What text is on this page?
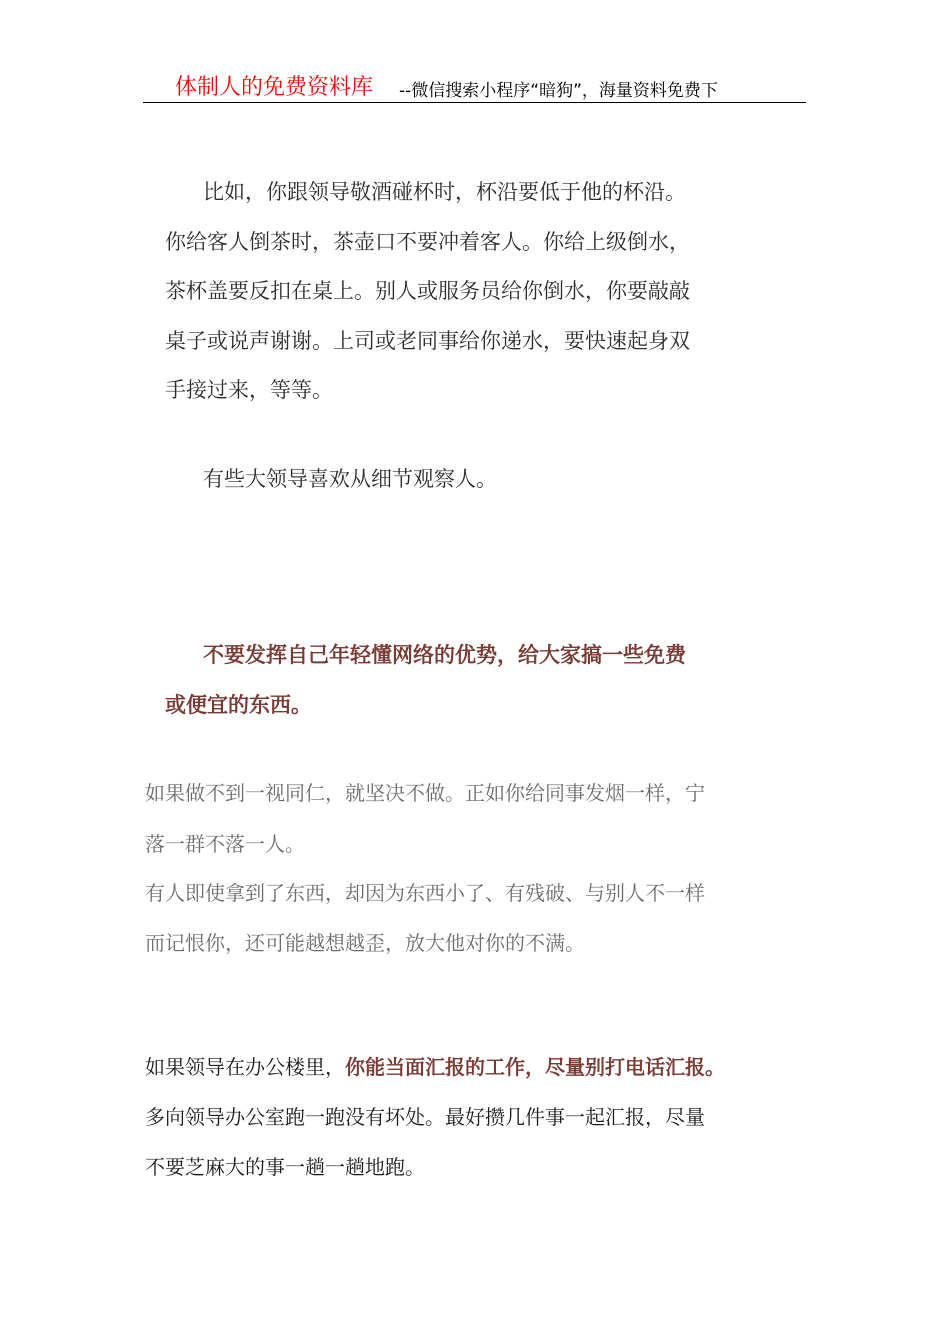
体制人的免费资料库 --微信搜索小程序“暗狗”，海量资料免费下

比如，你跟领导敬酒碰杯时，杯沿要低于他的杯沿。

你给客人倒茶时，茶壶口不要冲着客人。你给上级倒水，

茶杯盖要反扣在桌上。别人或服务员给你倒水，你要敲敲

桌子或说声谢谢。上司或老同事给你递水，要快速起身双

手接过来，等等。

有些大领导喜欢从细节观察人。

不要发挥自己年轻懂网络的优势，给大家搞一些免费

或便宜的东西。

如果做不到一视同仁，就坚决不做。正如你给同事发烟一样，宁

落一群不落一人。

有人即使拿到了东西，却因为东西小了、有残破、与别人不一样

而记恨你，还可能越想越歪，放大他对你的不满。

如果领导在办公楼里，你能当面汇报的工作，尽量别打电话汇报。

多向领导办公室跑一跑没有坏处。最好攒几件事一起汇报，尽量

不要芝麻大的事一趟一趟地跑。
